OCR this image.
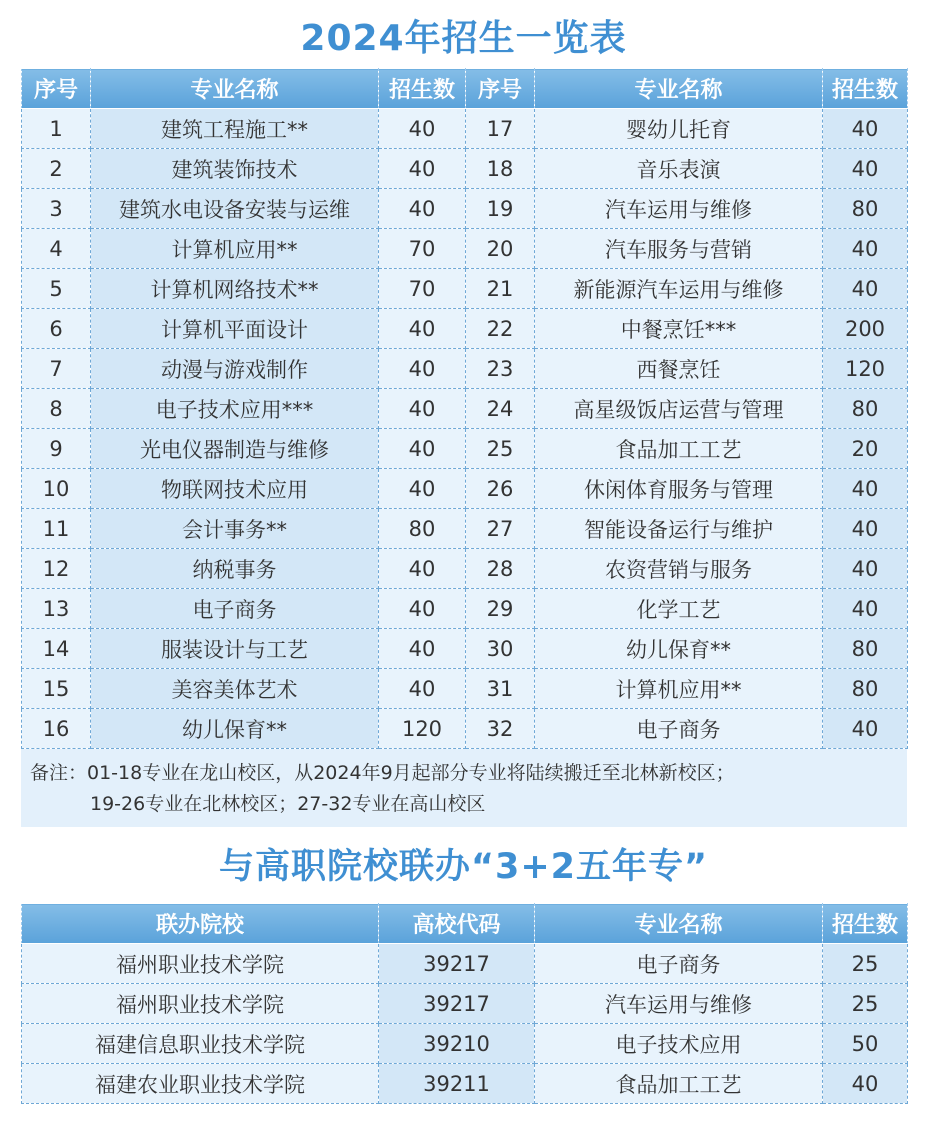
2024年招生一览表
序号	专业名称	招生数	序号	专业名称	招生数
1	建筑工程施工**	40	17	婴幼儿托育	40
2	建筑装饰技术	40	18	音乐表演	40
3	建筑水电设备安装与运维	40	19	汽车运用与维修	80
4	计算机应用**	70	20	汽车服务与营销	40
5	计算机网络技术**	70	21	新能源汽车运用与维修	40
6	计算机平面设计	40	22	中餐烹饪***	200
7	动漫与游戏制作	40	23	西餐烹饪	120
8	电子技术应用***	40	24	高星级饭店运营与管理	80
9	光电仪器制造与维修	40	25	食品加工工艺	20
10	物联网技术应用	40	26	休闲体育服务与管理	40
11	会计事务**	80	27	智能设备运行与维护	40
12	纳税事务	40	28	农资营销与服务	40
13	电子商务	40	29	化学工艺	40
14	服装设计与工艺	40	30	幼儿保育**	80
15	美容美体艺术	40	31	计算机应用**	80
16	幼儿保育**	120	32	电子商务	40
备注：01-18专业在龙山校区，从2024年9月起部分专业将陆续搬迁至北林新校区；
19-26专业在北林校区；27-32专业在高山校区
与高职院校联办“3+2五年专”
联办院校	高校代码	专业名称	招生数
福州职业技术学院	39217	电子商务	25
福州职业技术学院	39217	汽车运用与维修	25
福建信息职业技术学院	39210	电子技术应用	50
福建农业职业技术学院	39211	食品加工工艺	40
